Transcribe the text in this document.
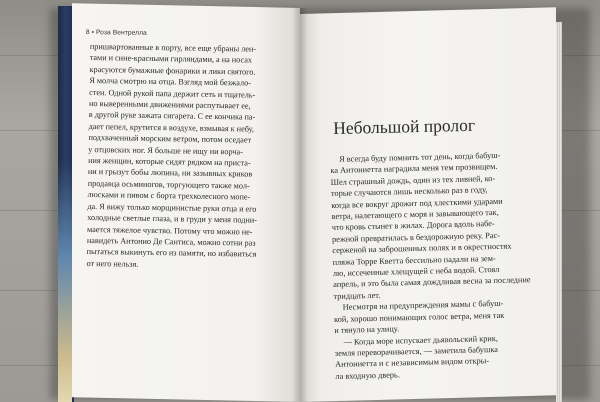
8 • Роза Вентрелла
пришвартованные в порту, все еще убраны лен-
тами и сине-красными гирляндами, а на носах
красуются бумажные фонарики и лики святого.
Я молча смотрю на отца. Взгляд мой безжало-
стен. Одной рукой папа держит сеть и тщатель-
но выверенными движениями распутывает ее,
в другой руке зажата сигарета. С ее кончика па-
дает пепел, крутится в воздухе, взмывая к небу,
подхваченный морским ветром, потом оседает
у отцовских ног. Я больше не ищу ни ворча-
ния женщин, которые сидят рядком на приста-
ни и грызут бобы люпина, ни зазывных криков
продавца осьминогов, торгующего также мол-
люсками и пивом с борта трехколесного мопе-
да. Я вижу только морщинистые руки отца и его
холодные светлые глаза, и в груди у меня подни-
мается тяжелое чувство. Потому что можно не-
навидеть Антонио Де Сантиса, можно сотни раз
пытаться выкинуть его из памяти, но избавиться
от него нельзя.
Небольшой пролог
Я всегда буду помнить тот день, когда бабуш-
ка Антониетта наградила меня тем прозвищем.
Шел страшный дождь, один из тех ливней, ко-
торые случаются лишь несколько раз в году,
когда все вокруг дрожит под хлесткими ударами
ветра, налетающего с моря и завывающего так,
что кровь стынет в жилах. Дорога вдоль набе-
режной превратилась в бездорожную реку. Рас-
серженой на заброшенных полях и в окрестностях
пляжа Торре Кветта бессильно падали на зем-
лю, иссеченные хлещущей с неба водой. Стоял
апрель, и это была самая дождливая весна за последние
тридцать лет.
Несмотря на предупреждения мамы с бабуш-
кой, хорошо понимающих голос ветра, меня так
и тянуло на улицу.
— Когда море испускает дьявольский крик,
земля переворачивается, — заметила бабушка
Антониетта и с независимым видом откры-
ла входную дверь.
